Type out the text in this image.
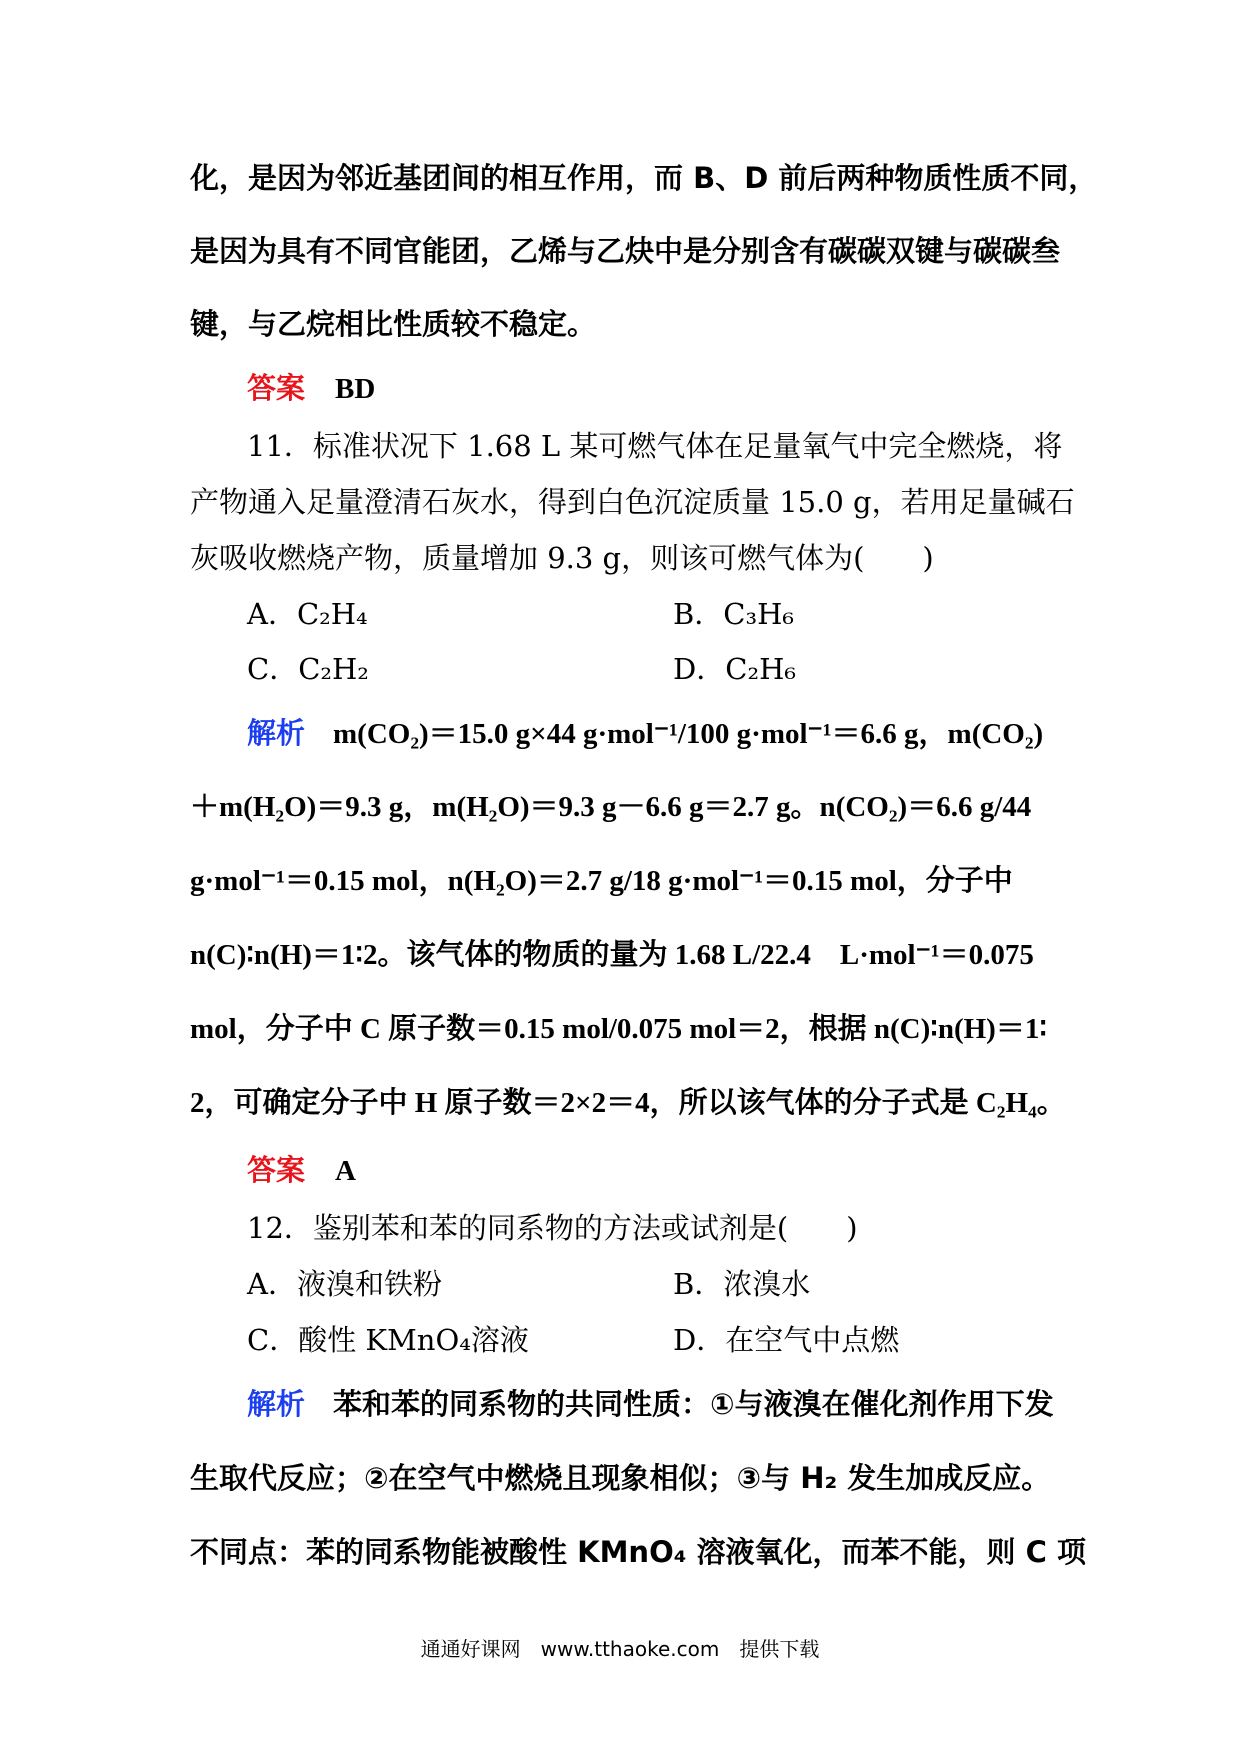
化，是因为邻近基团间的相互作用，而 B、D 前后两种物质性质不同，
是因为具有不同官能团，乙烯与乙炔中是分别含有碳碳双键与碳碳叁
键，与乙烷相比性质较不稳定。
答案 BD
11．标准状况下 1.68 L 某可燃气体在足量氧气中完全燃烧，将
产物通入足量澄清石灰水，得到白色沉淀质量 15.0 g，若用足量碱石
灰吸收燃烧产物，质量增加 9.3 g，则该可燃气体为(　　)
A．C₂H₄	B．C₃H₆
C．C₂H₂	D．C₂H₆
解析 m(CO₂)＝15.0 g×44 g·mol⁻¹/100 g·mol⁻¹＝6.6 g，m(CO₂)
＋m(H₂O)＝9.3 g，m(H₂O)＝9.3 g－6.6 g＝2.7 g。n(CO₂)＝6.6 g/44
g·mol⁻¹＝0.15 mol，n(H₂O)＝2.7 g/18 g·mol⁻¹＝0.15 mol，分子中
n(C)∶n(H)＝1∶2。该气体的物质的量为 1.68 L/22.4　L·mol⁻¹＝0.075
mol，分子中 C 原子数＝0.15 mol/0.075 mol＝2，根据 n(C)∶n(H)＝1∶
2，可确定分子中 H 原子数＝2×2＝4，所以该气体的分子式是 C₂H₄。
答案 A
12．鉴别苯和苯的同系物的方法或试剂是(　　)
A．液溴和铁粉	B．浓溴水
C．酸性 KMnO₄溶液	D．在空气中点燃
解析 苯和苯的同系物的共同性质：①与液溴在催化剂作用下发
生取代反应；②在空气中燃烧且现象相似；③与 H₂ 发生加成反应。
不同点：苯的同系物能被酸性 KMnO₄ 溶液氧化，而苯不能，则 C 项
通通好课网　www.tthaoke.com　提供下载
